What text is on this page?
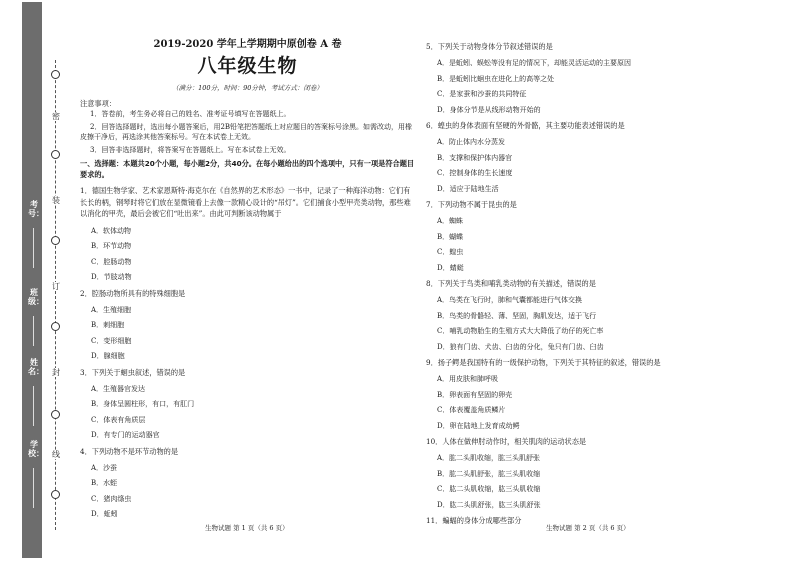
密
装
订
封
线
考号：
班级：
姓名：
学校：
2019-2020 学年上学期期中原创卷 A 卷
八年级生物
（满分：100分，时间：90分钟，考试方式：闭卷）
注意事项：
1．答卷前，考生务必将自己的姓名、准考证号填写在答题纸上。
2．回答选择题时，选出每小题答案后，用2B铅笔把答题纸上对应题目的答案标号涂黑。如需改动，用橡皮擦干净后，再选涂其他答案标号。写在本试卷上无效。
3．回答非选择题时，将答案写在答题纸上。写在本试卷上无效。
一、选择题：本题共20个小题，每小题2分，共40分。在每小题给出的四个选项中，只有一项是符合题目要求的。
1．德国生物学家、艺术家恩斯特·海克尔在《自然界的艺术形态》一书中，记录了一种海洋动物：它们有长长的柄，钢琴时将它们放在显微镜看上去像一款精心设计的“吊灯”。它们捕食小型甲壳类动物，那些难以消化的甲壳，最后会被它们“吐出来”。由此可判断该动物属于
A．软体动物
B．环节动物
C．腔肠动物
D．节肢动物
2．腔肠动物所具有的特殊细胞是
A．生殖细胞
B．刺细胞
C．变形细胞
D．腺细胞
3．下列关于蛔虫叙述，错误的是
A．生殖器官发达
B．身体呈圆柱形，有口，有肛门
C．体表有角质层
D．有专门的运动器官
4．下列动物不是环节动物的是
A．沙蚕
B．水蛭
C．猪肉绦虫
D．蚯蚓
5．下列关于动物身体分节叙述错误的是
A．是蚯蚓、蜈蚣等没有足的情况下，却能灵活运动的主要原因
B．是蚯蚓比蛔虫在进化上的高等之处
C．是家蚕和沙蚕的共同特征
D．身体分节是从线形动物开始的
6．蝗虫的身体表面有坚硬的外骨骼，其主要功能表述错误的是
A．防止体内水分蒸发
B．支撑和保护体内器官
C．控制身体的生长速度
D．适应于陆地生活
7．下列动物不属于昆虫的是
A．蜘蛛
B．蝴蝶
C．蝗虫
D．蜻蜓
8．下列关于鸟类和哺乳类动物的有关描述，错误的是
A．鸟类在飞行时，肺和气囊都能进行气体交换
B．鸟类的骨骼轻、薄、坚固，胸肌发达，适于飞行
C．哺乳动物胎生的生殖方式大大降低了幼仔的死亡率
D．狼有门齿、犬齿、臼齿的分化，兔只有门齿、臼齿
9．扬子鳄是我国特有的一级保护动物，下列关于其特征的叙述，错误的是
A．用皮肤和肺呼吸
B．卵表面有坚固的卵壳
C．体表覆盖角质鳞片
D．卵在陆地上发育成幼鳄
10．人体在做伸肘动作时，相关肌肉的运动状态是
A．肱二头肌收缩，肱三头肌舒张
B．肱二头肌舒张，肱三头肌收缩
C．肱二头肌收缩，肱三头肌收缩
D．肱二头肌舒张，肱三头肌舒张
11．蝙蝠的身体分成哪些部分
生物试题 第 1 页（共 6 页）	生物试题 第 2 页（共 6 页）
